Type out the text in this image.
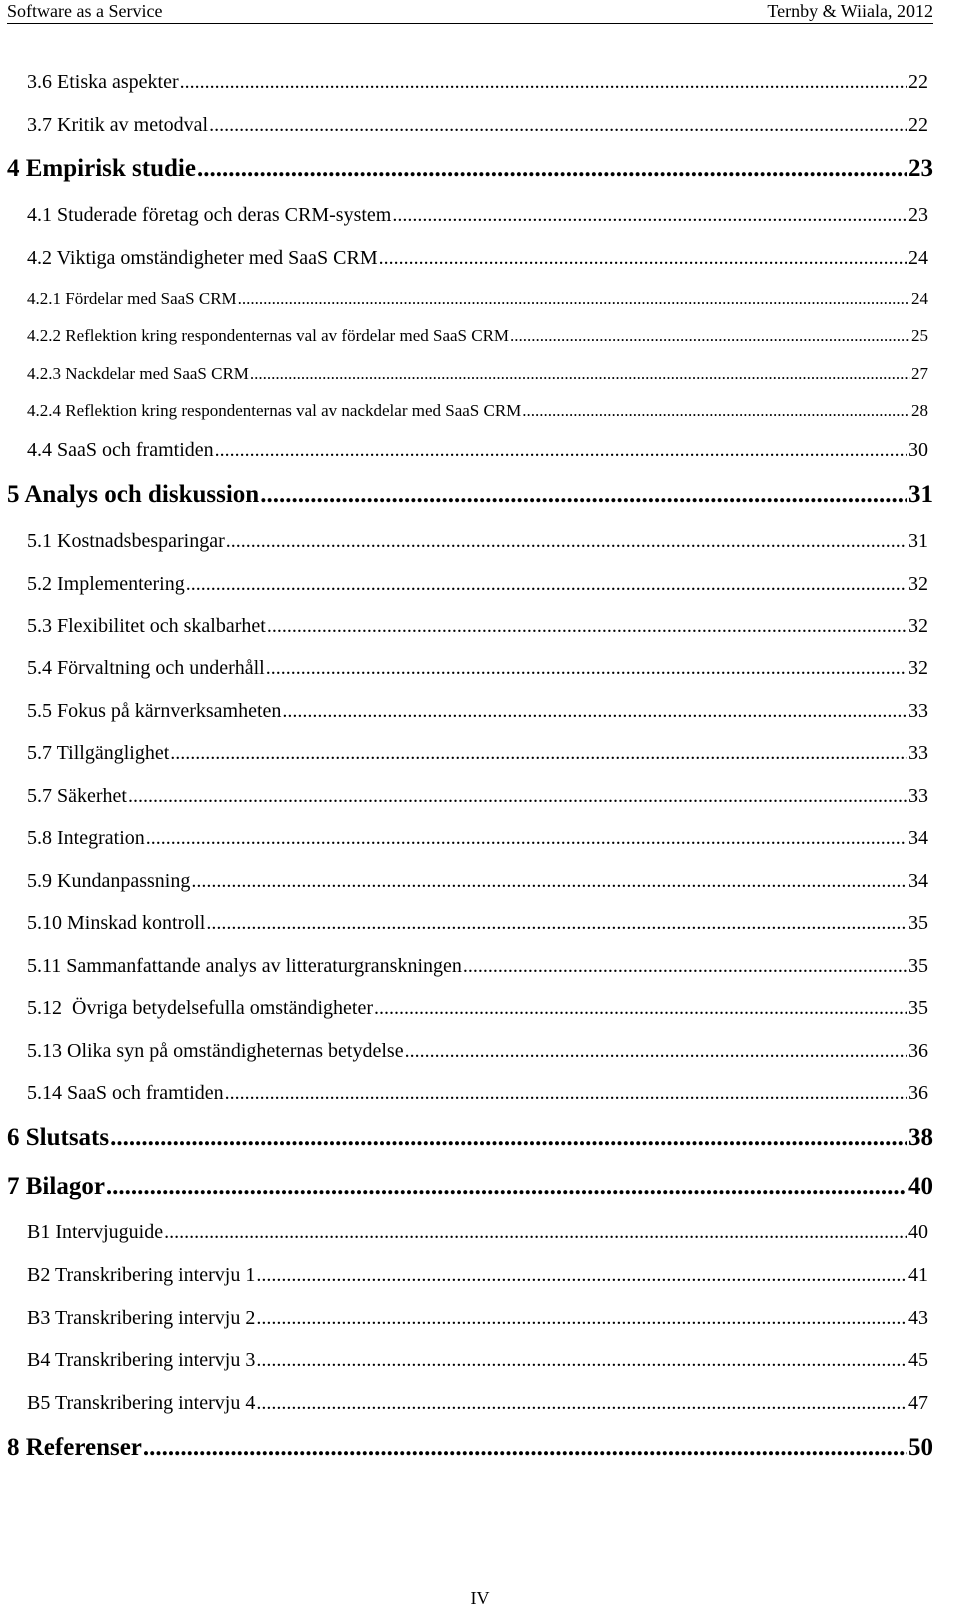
Software as a Service	Ternby & Wiiala, 2012
3.6 Etiska aspekter .....	22
3.7 Kritik av metodval .....	22
4 Empirisk studie .....	23
4.1 Studerade företag och deras CRM-system .....	23
4.2 Viktiga omständigheter med SaaS CRM .....	24
4.2.1 Fördelar med SaaS CRM .....	24
4.2.2 Reflektion kring respondenternas val av fördelar med SaaS CRM .....	25
4.2.3 Nackdelar med SaaS CRM .....	27
4.2.4 Reflektion kring respondenternas val av nackdelar med SaaS CRM .....	28
4.4 SaaS och framtiden .....	30
5 Analys och diskussion .....	31
5.1 Kostnadsbesparingar .....	31
5.2 Implementering .....	32
5.3 Flexibilitet och skalbarhet .....	32
5.4 Förvaltning och underhåll .....	32
5.5 Fokus på kärnverksamheten .....	33
5.7 Tillgänglighet .....	33
5.7 Säkerhet .....	33
5.8 Integration .....	34
5.9 Kundanpassning .....	34
5.10 Minskad kontroll .....	35
5.11 Sammanfattande analys av litteraturgranskningen .....	35
5.12  Övriga betydelsefulla omständigheter .....	35
5.13 Olika syn på omständigheternas betydelse .....	36
5.14 SaaS och framtiden .....	36
6 Slutsats .....	38
7 Bilagor .....	40
B1 Intervjuguide .....	40
B2 Transkribering intervju 1 .....	41
B3 Transkribering intervju 2 .....	43
B4 Transkribering intervju 3 .....	45
B5 Transkribering intervju 4 .....	47
8 Referenser .....	50
IV
